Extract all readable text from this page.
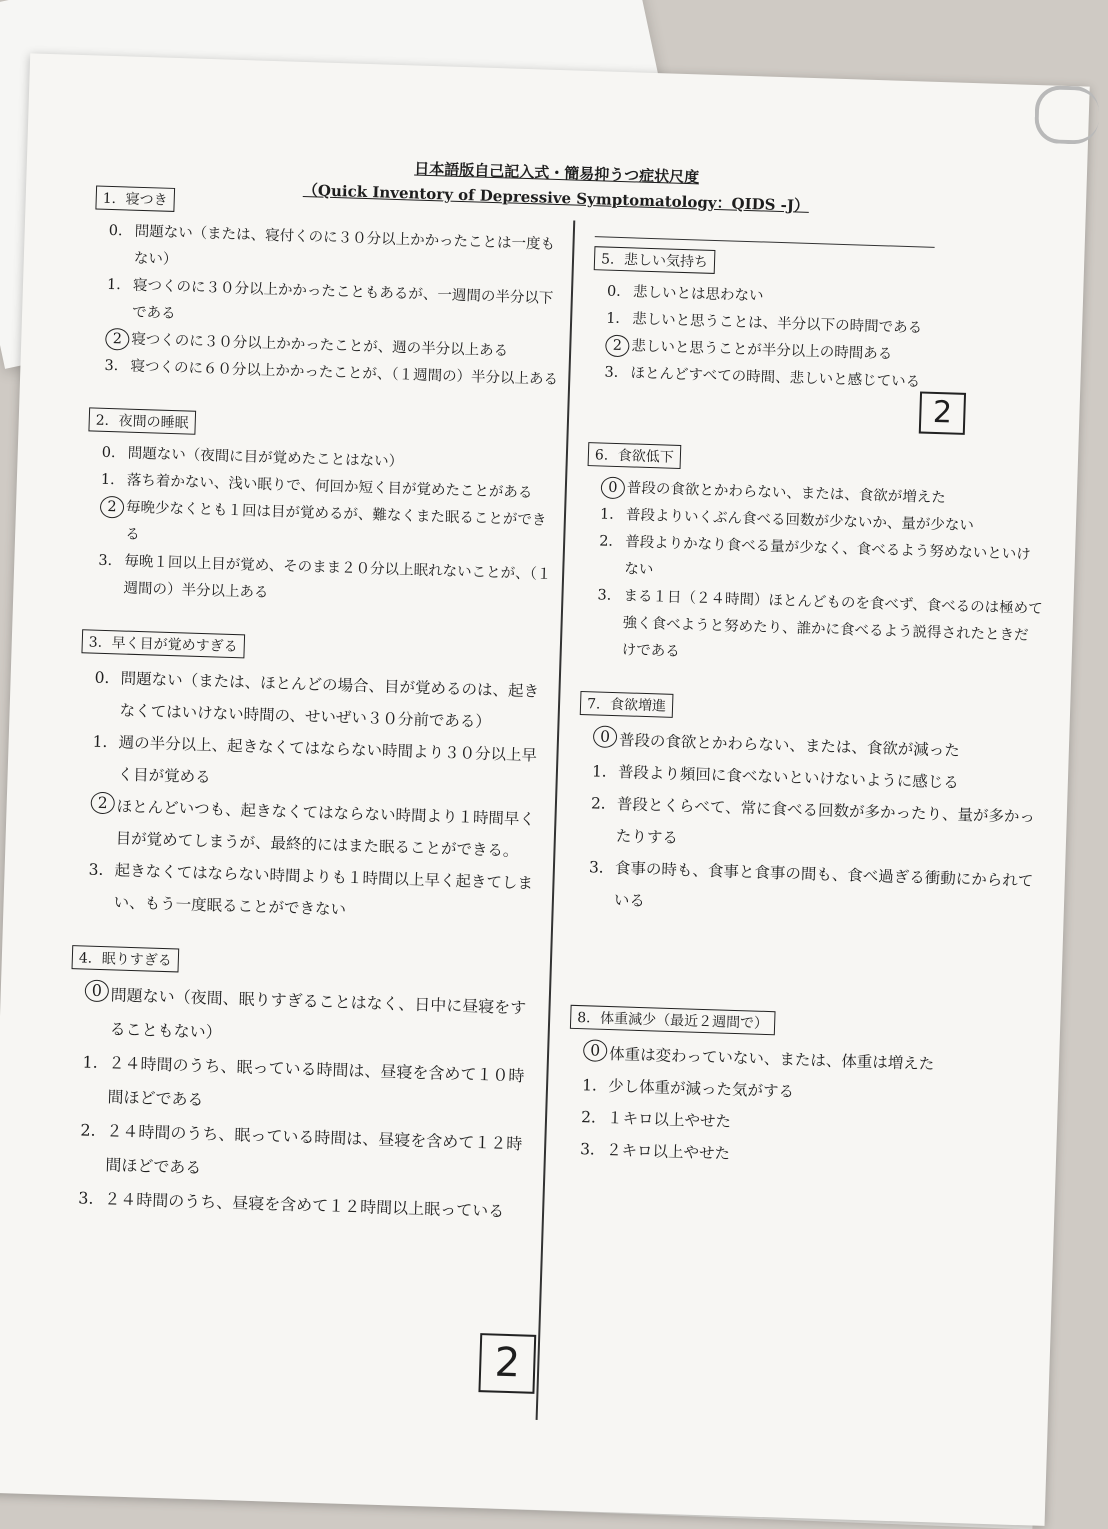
日本語版自己記入式・簡易抑うつ症状尺度
（Quick Inventory of Depressive Symptomatology：QIDS -J）
1．寝つき
0． 問題ない（または、寝付くのに３０分以上かかったことは一度もない）
1． 寝つくのに３０分以上かかったこともあるが、一週間の半分以下である
2 寝つくのに３０分以上かかったことが、週の半分以上ある
3． 寝つくのに６０分以上かかったことが、（１週間の）半分以上ある
2．夜間の睡眠
0． 問題ない（夜間に目が覚めたことはない）
1． 落ち着かない、浅い眠りで、何回か短く目が覚めたことがある
2 毎晩少なくとも１回は目が覚めるが、難なくまた眠ることができる
3． 毎晩１回以上目が覚め、そのまま２０分以上眠れないことが、（１週間の）半分以上ある
3．早く目が覚めすぎる
0． 問題ない（または、ほとんどの場合、目が覚めるのは、起きなくてはいけない時間の、せいぜい３０分前である）
1． 週の半分以上、起きなくてはならない時間より３０分以上早く目が覚める
2 ほとんどいつも、起きなくてはならない時間より１時間早く目が覚めてしまうが、最終的にはまた眠ることができる。
3． 起きなくてはならない時間よりも１時間以上早く起きてしまい、もう一度眠ることができない
4．眠りすぎる
0 問題ない（夜間、眠りすぎることはなく、日中に昼寝をすることもない）
1． ２４時間のうち、眠っている時間は、昼寝を含めて１０時間ほどである
2． ２４時間のうち、眠っている時間は、昼寝を含めて１２時間ほどである
3． ２４時間のうち、昼寝を含めて１２時間以上眠っている
5．悲しい気持ち
0． 悲しいとは思わない
1． 悲しいと思うことは、半分以下の時間である
2 悲しいと思うことが半分以上の時間ある
3． ほとんどすべての時間、悲しいと感じている
6．食欲低下
0 普段の食欲とかわらない、または、食欲が増えた
1． 普段よりいくぶん食べる回数が少ないか、量が少ない
2． 普段よりかなり食べる量が少なく、食べるよう努めないといけない
3． まる１日（２４時間）ほとんどものを食べず、食べるのは極めて強く食べようと努めたり、誰かに食べるよう説得されたときだけである
7．食欲増進
0 普段の食欲とかわらない、または、食欲が減った
1． 普段より頻回に食べないといけないように感じる
2． 普段とくらべて、常に食べる回数が多かったり、量が多かったりする
3． 食事の時も、食事と食事の間も、食べ過ぎる衝動にかられている
8．体重減少（最近２週間で）
0 体重は変わっていない、または、体重は増えた
1． 少し体重が減った気がする
2． １キロ以上やせた
3． ２キロ以上やせた
2
2
